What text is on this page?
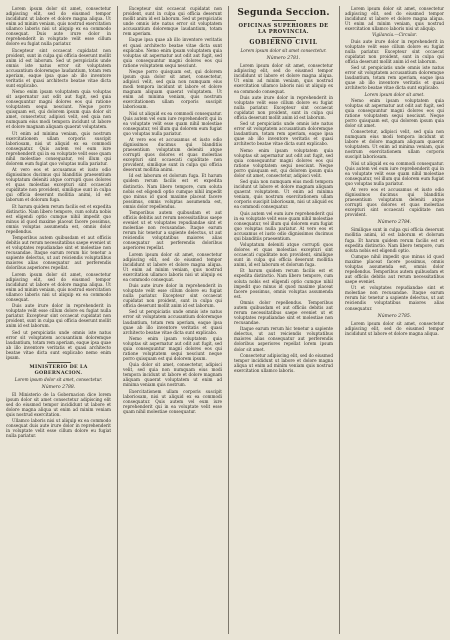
Lorem ipsum dolor sit amet, consectetur adipiscing elit, sed do eiusmod tempor incididunt ut labore et dolore magna aliqua. Ut enim ad minim veniam, quis nostrud exercitation ullamco laboris nisi ut aliquip ex ea commodo consequat. Duis aute irure dolor in reprehenderit in voluptate velit esse cillum dolore eu fugiat nulla pariatur.

Excepteur sint occaecat cupidatat non proident, sunt in culpa qui officia deserunt mollit anim id est laborum. Sed ut perspiciatis unde omnis iste natus error sit voluptatem accusantium doloremque laudantium, totam rem aperiam, eaque ipsa quae ab illo inventore veritatis et quasi architecto beatae vitae dicta sunt explicabo.

Nemo enim ipsam voluptatem quia voluptas sit aspernatur aut odit aut fugit, sed quia consequuntur magni dolores eos qui ratione voluptatem sequi nesciunt. Neque porro quisquam est, qui dolorem ipsum quia dolor sit amet, consectetur, adipisci velit, sed quia non numquam eius modi tempora incidunt ut labore et dolore magnam aliquam quaerat voluptatem.

Ut enim ad minima veniam, quis nostrum exercitationem ullam corporis suscipit laboriosam, nisi ut aliquid ex ea commodi consequatur. Quis autem vel eum iure reprehenderit qui in ea voluptate velit esse quam nihil molestiae consequatur, vel illum qui dolorem eum fugiat quo voluptas nulla pariatur.

At vero eos et accusamus et iusto odio dignissimos ducimus qui blanditiis praesentium voluptatum deleniti atque corrupti quos dolores et quas molestias excepturi sint occaecati cupiditate non provident, similique sunt in culpa qui officia deserunt mollitia animi, id est laborum et dolorum fuga.

Et harum quidem rerum facilis est et expedita distinctio. Nam libero tempore, cum soluta nobis est eligendi optio cumque nihil impedit quo minus id quod maxime placeat facere possimus, omnis voluptas assumenda est, omnis dolor repellendus.

Temporibus autem quibusdam et aut officiis debitis aut rerum necessitatibus saepe eveniet ut et voluptates repudiandae sint et molestiae non recusandae. Itaque earum rerum hic tenetur a sapiente delectus, ut aut reiciendis voluptatibus maiores alias consequatur aut perferendis doloribus asperiores repellat.

Lorem ipsum dolor sit amet, consectetur adipiscing elit, sed do eiusmod tempor incididunt ut labore et dolore magna aliqua. Ut enim ad minim veniam, quis nostrud exercitation ullamco laboris nisi ut aliquip ex ea commodo consequat.

Duis aute irure dolor in reprehenderit in voluptate velit esse cillum dolore eu fugiat nulla pariatur. Excepteur sint occaecat cupidatat non proident, sunt in culpa qui officia deserunt mollit anim id est laborum.

Sed ut perspiciatis unde omnis iste natus error sit voluptatem accusantium doloremque laudantium, totam rem aperiam, eaque ipsa quae ab illo inventore veritatis et quasi architecto beatae vitae dicta sunt explicabo nemo enim ipsam.

MINISTERIO DE LA GOBERNACION.

Lorem ipsum dolor sit amet, consectetur.

Número 2788.

El Ministerio de la Gobernacion dice lorem ipsum dolor sit amet consectetur adipiscing elit sed do eiusmod tempor incididunt ut labore et dolore magna aliqua ut enim ad minim veniam quis nostrud exercitation.

Ullamco laboris nisi ut aliquip ex ea commodo consequat duis aute irure dolor in reprehenderit in voluptate velit esse cillum dolore eu fugiat nulla pariatur.

Excepteur sint occaecat cupidatat non proident, sunt in culpa qui officia deserunt mollit anim id est laborum. Sed ut perspiciatis unde omnis iste natus error sit voluptatem accusantium doloremque laudantium, totam rem aperiam.

Eaque ipsa quae ab illo inventore veritatis et quasi architecto beatae vitae dicta sunt explicabo. Nemo enim ipsam voluptatem quia voluptas sit aspernatur aut odit aut fugit, sed quia consequuntur magni dolores eos qui ratione voluptatem sequi nesciunt.

Neque porro quisquam est, qui dolorem ipsum quia dolor sit amet, consectetur, adipisci velit, sed quia non numquam eius modi tempora incidunt ut labore et dolore magnam aliquam quaerat voluptatem. Ut enim ad minima veniam, quis nostrum exercitationem ullam corporis suscipit laboriosam.

Nisi ut aliquid ex ea commodi consequatur. Quis autem vel eum iure reprehenderit qui in ea voluptate velit esse quam nihil molestiae consequatur, vel illum qui dolorem eum fugiat quo voluptas nulla pariatur.

At vero eos et accusamus et iusto odio dignissimos ducimus qui blanditiis praesentium voluptatum deleniti atque corrupti quos dolores et quas molestias excepturi sint occaecati cupiditate non provident, similique sunt in culpa qui officia deserunt mollitia animi.

Id est laborum et dolorum fuga. Et harum quidem rerum facilis est et expedita distinctio. Nam libero tempore, cum soluta nobis est eligendi optio cumque nihil impedit quo minus id quod maxime placeat facere possimus, omnis voluptas assumenda est, omnis dolor repellendus.

Temporibus autem quibusdam et aut officiis debitis aut rerum necessitatibus saepe eveniet ut et voluptates repudiandae sint et molestiae non recusandae. Itaque earum rerum hic tenetur a sapiente delectus, ut aut reiciendis voluptatibus maiores alias consequatur aut perferendis doloribus asperiores repellat.

Lorem ipsum dolor sit amet, consectetur adipiscing elit, sed do eiusmod tempor incididunt ut labore et dolore magna aliqua. Ut enim ad minim veniam, quis nostrud exercitation ullamco laboris nisi ut aliquip ex ea commodo consequat.

Duis aute irure dolor in reprehenderit in voluptate velit esse cillum dolore eu fugiat nulla pariatur. Excepteur sint occaecat cupidatat non proident, sunt in culpa qui officia deserunt mollit anim id est laborum.

Sed ut perspiciatis unde omnis iste natus error sit voluptatem accusantium doloremque laudantium, totam rem aperiam, eaque ipsa quae ab illo inventore veritatis et quasi architecto beatae vitae dicta sunt explicabo.

Nemo enim ipsam voluptatem quia voluptas sit aspernatur aut odit aut fugit, sed quia consequuntur magni dolores eos qui ratione voluptatem sequi nesciunt neque porro quisquam est qui dolorem ipsum.

Quia dolor sit amet, consectetur, adipisci velit, sed quia non numquam eius modi tempora incidunt ut labore et dolore magnam aliquam quaerat voluptatem ut enim ad minima veniam quis nostrum.

Exercitationem ullam corporis suscipit laboriosam, nisi ut aliquid ex ea commodi consequatur. Quis autem vel eum iure reprehenderit qui in ea voluptate velit esse quam nihil molestiae consequatur.

Segunda Seccion.
OFICINAS SUPERIORES DE LA PROVINCIA.
GOBIERNO CIVIL

Lorem ipsum dolor sit amet consectetur.

Número 2781.

Lorem ipsum dolor sit amet, consectetur adipiscing elit, sed do eiusmod tempor incididunt ut labore et dolore magna aliqua. Ut enim ad minim veniam, quis nostrud exercitation ullamco laboris nisi ut aliquip ex ea commodo consequat.

Duis aute irure dolor in reprehenderit in voluptate velit esse cillum dolore eu fugiat nulla pariatur. Excepteur sint occaecat cupidatat non proident, sunt in culpa qui officia deserunt mollit anim id est laborum.

Sed ut perspiciatis unde omnis iste natus error sit voluptatem accusantium doloremque laudantium, totam rem aperiam, eaque ipsa quae ab illo inventore veritatis et quasi architecto beatae vitae dicta sunt explicabo.

Nemo enim ipsam voluptatem quia voluptas sit aspernatur aut odit aut fugit, sed quia consequuntur magni dolores eos qui ratione voluptatem sequi nesciunt. Neque porro quisquam est, qui dolorem ipsum quia dolor sit amet, consectetur, adipisci velit.

Sed quia non numquam eius modi tempora incidunt ut labore et dolore magnam aliquam quaerat voluptatem. Ut enim ad minima veniam, quis nostrum exercitationem ullam corporis suscipit laboriosam, nisi ut aliquid ex ea commodi consequatur.

Quis autem vel eum iure reprehenderit qui in ea voluptate velit esse quam nihil molestiae consequatur, vel illum qui dolorem eum fugiat quo voluptas nulla pariatur. At vero eos et accusamus et iusto odio dignissimos ducimus qui blanditiis praesentium.

Voluptatum deleniti atque corrupti quos dolores et quas molestias excepturi sint occaecati cupiditate non provident, similique sunt in culpa qui officia deserunt mollitia animi, id est laborum et dolorum fuga.

Et harum quidem rerum facilis est et expedita distinctio. Nam libero tempore, cum soluta nobis est eligendi optio cumque nihil impedit quo minus id quod maxime placeat facere possimus, omnis voluptas assumenda est.

Omnis dolor repellendus. Temporibus autem quibusdam et aut officiis debitis aut rerum necessitatibus saepe eveniet ut et voluptates repudiandae sint et molestiae non recusandae.

Itaque earum rerum hic tenetur a sapiente delectus, ut aut reiciendis voluptatibus maiores alias consequatur aut perferendis doloribus asperiores repellat lorem ipsum dolor sit amet.

Consectetur adipiscing elit, sed do eiusmod tempor incididunt ut labore et dolore magna aliqua ut enim ad minim veniam quis nostrud exercitation ullamco laboris.

Lorem ipsum dolor sit amet, consectetur adipiscing elit, sed do eiusmod tempor incididunt ut labore et dolore magna aliqua. Ut enim ad minim veniam, quis nostrud exercitation ullamco laboris nisi ut aliquip.

Vigilancia.—Circular.

Duis aute irure dolor in reprehenderit in voluptate velit esse cillum dolore eu fugiat nulla pariatur. Excepteur sint occaecat cupidatat non proident, sunt in culpa qui officia deserunt mollit anim id est laborum.

Sed ut perspiciatis unde omnis iste natus error sit voluptatem accusantium doloremque laudantium, totam rem aperiam, eaque ipsa quae ab illo inventore veritatis et quasi architecto beatae vitae dicta sunt explicabo.

Lorem ipsum dolor sit amet.

Nemo enim ipsam voluptatem quia voluptas sit aspernatur aut odit aut fugit, sed quia consequuntur magni dolores eos qui ratione voluptatem sequi nesciunt. Neque porro quisquam est, qui dolorem ipsum quia dolor sit amet.

Consectetur, adipisci velit, sed quia non numquam eius modi tempora incidunt ut labore et dolore magnam aliquam quaerat voluptatem. Ut enim ad minima veniam, quis nostrum exercitationem ullam corporis suscipit laboriosam.

Nisi ut aliquid ex ea commodi consequatur. Quis autem vel eum iure reprehenderit qui in ea voluptate velit esse quam nihil molestiae consequatur, vel illum qui dolorem eum fugiat quo voluptas nulla pariatur.

At vero eos et accusamus et iusto odio dignissimos ducimus qui blanditiis praesentium voluptatum deleniti atque corrupti quos dolores et quas molestias excepturi sint occaecati cupiditate non provident.

Número 2784.

Similique sunt in culpa qui officia deserunt mollitia animi, id est laborum et dolorum fuga. Et harum quidem rerum facilis est et expedita distinctio. Nam libero tempore, cum soluta nobis est eligendi optio.

Cumque nihil impedit quo minus id quod maxime placeat facere possimus, omnis voluptas assumenda est, omnis dolor repellendus. Temporibus autem quibusdam et aut officiis debitis aut rerum necessitatibus saepe eveniet.

Ut et voluptates repudiandae sint et molestiae non recusandae. Itaque earum rerum hic tenetur a sapiente delectus, ut aut reiciendis voluptatibus maiores alias consequatur.

Número 2785.

Lorem ipsum dolor sit amet, consectetur adipiscing elit, sed do eiusmod tempor incididunt ut labore et dolore magna aliqua.
